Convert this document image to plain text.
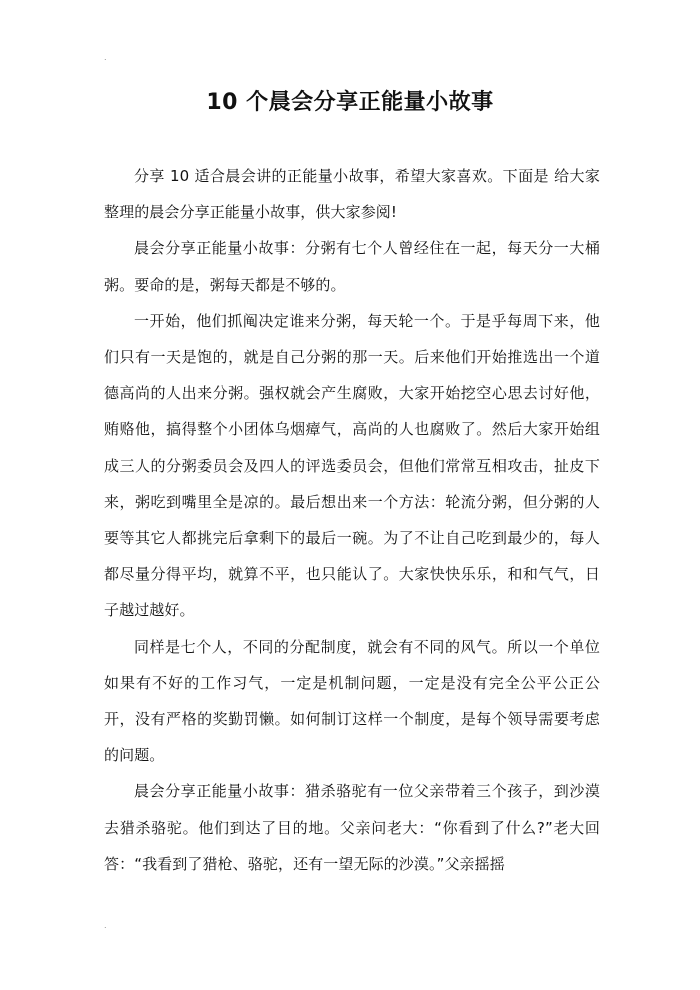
.
10 个晨会分享正能量小故事

分享 10 适合晨会讲的正能量小故事，希望大家喜欢。下面是 给大家整理的晨会分享正能量小故事，供大家参阅!

晨会分享正能量小故事：分粥有七个人曾经住在一起，每天分一大桶粥。要命的是，粥每天都是不够的。

一开始，他们抓阄决定谁来分粥，每天轮一个。于是乎每周下来，他们只有一天是饱的，就是自己分粥的那一天。后来他们开始推选出一个道德高尚的人出来分粥。强权就会产生腐败，大家开始挖空心思去讨好他，贿赂他，搞得整个小团体乌烟瘴气，高尚的人也腐败了。然后大家开始组成三人的分粥委员会及四人的评选委员会，但他们常常互相攻击，扯皮下来，粥吃到嘴里全是凉的。最后想出来一个方法：轮流分粥，但分粥的人要等其它人都挑完后拿剩下的最后一碗。为了不让自己吃到最少的，每人都尽量分得平均，就算不平，也只能认了。大家快快乐乐，和和气气，日子越过越好。

同样是七个人，不同的分配制度，就会有不同的风气。所以一个单位如果有不好的工作习气，一定是机制问题，一定是没有完全公平公正公开，没有严格的奖勤罚懒。如何制订这样一个制度，是每个领导需要考虑的问题。

晨会分享正能量小故事：猎杀骆驼有一位父亲带着三个孩子，到沙漠去猎杀骆驼。他们到达了目的地。父亲问老大：“你看到了什么?”老大回答：“我看到了猎枪、骆驼，还有一望无际的沙漠。”父亲摇摇

.
